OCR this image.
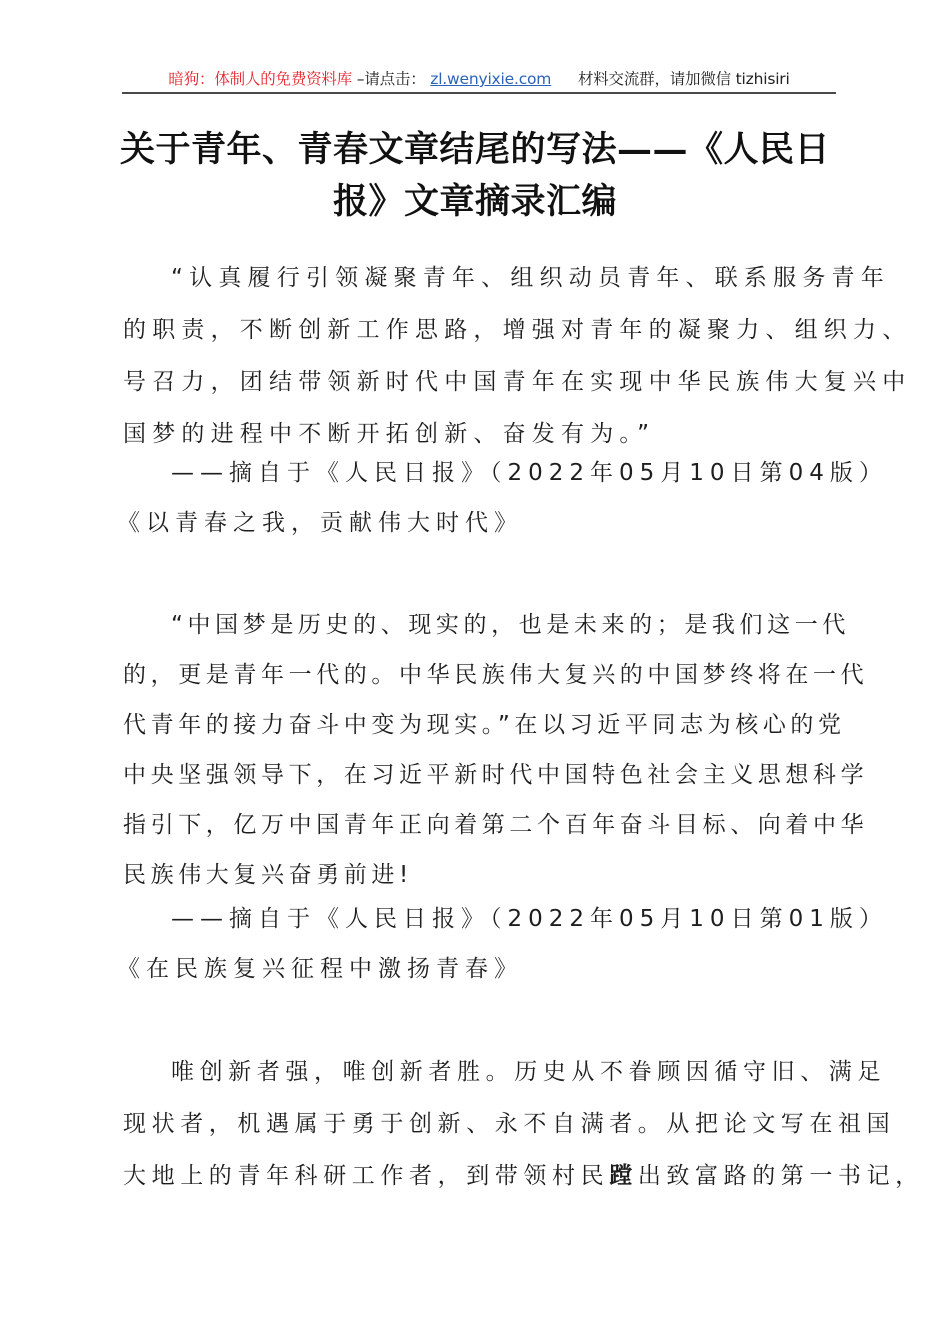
暗狗：体制人的免费资料库 –请点击： zl.wenyixie.com 材料交流群，请加微信 tizhisiri
关于青年、青春文章结尾的写法——《人民日
报》文章摘录汇编

“认真履行引领凝聚青年、组织动员青年、联系服务青年
的职责，不断创新工作思路，增强对青年的凝聚力、组织力、
号召力，团结带领新时代中国青年在实现中华民族伟大复兴中
国梦的进程中不断开拓创新、奋发有为。”

——摘自于《人民日报》（2022年05月10日第04版）
《以青春之我，贡献伟大时代》

“中国梦是历史的、现实的，也是未来的；是我们这一代
的，更是青年一代的。中华民族伟大复兴的中国梦终将在一代
代青年的接力奋斗中变为现实。”在以习近平同志为核心的党
中央坚强领导下，在习近平新时代中国特色社会主义思想科学
指引下，亿万中国青年正向着第二个百年奋斗目标、向着中华
民族伟大复兴奋勇前进!

——摘自于《人民日报》（2022年05月10日第01版）
《在民族复兴征程中激扬青春》

唯创新者强，唯创新者胜。历史从不眷顾因循守旧、满足
现状者，机遇属于勇于创新、永不自满者。从把论文写在祖国
大地上的青年科研工作者，到带领村民蹚出致富路的第一书记，
